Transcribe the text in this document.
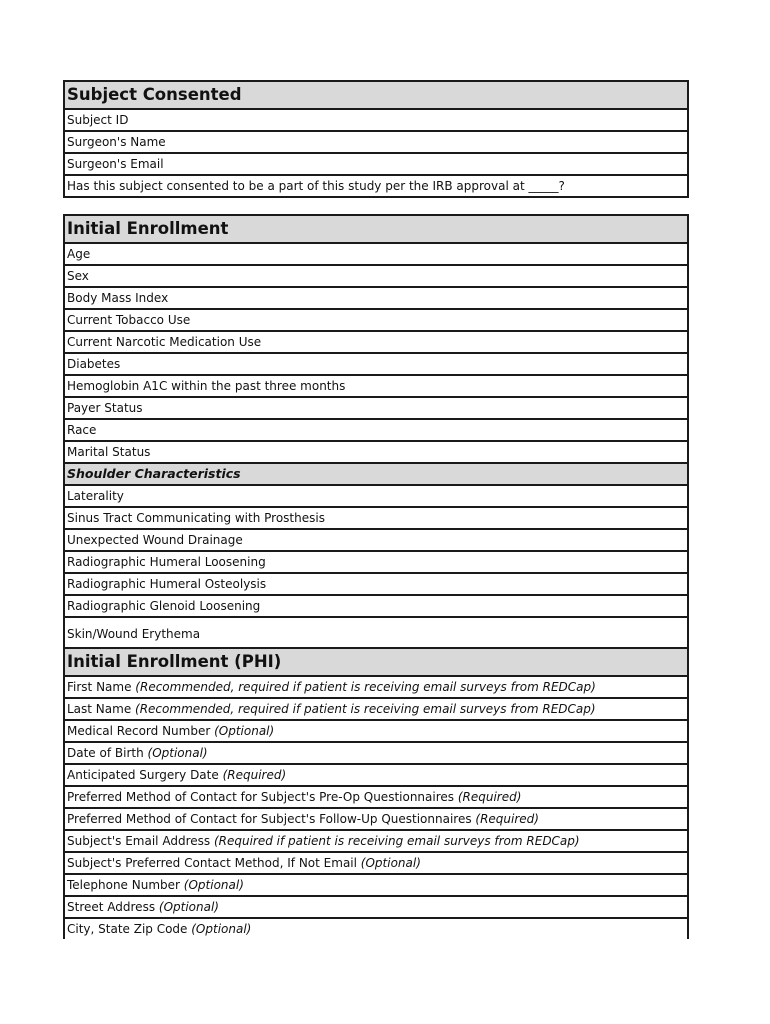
Subject Consented
Subject ID
Surgeon's Name
Surgeon's Email
Has this subject consented to be a part of this study per the IRB approval at _____?
Initial Enrollment
Age
Sex
Body Mass Index
Current Tobacco Use
Current Narcotic Medication Use
Diabetes
Hemoglobin A1C within the past three months
Payer Status
Race
Marital Status
Shoulder Characteristics
Laterality
Sinus Tract Communicating with Prosthesis
Unexpected Wound Drainage
Radiographic Humeral Loosening
Radiographic Humeral Osteolysis
Radiographic Glenoid Loosening
Skin/Wound Erythema
Initial Enrollment (PHI)
First Name (Recommended, required if patient is receiving email surveys from REDCap)
Last Name (Recommended, required if patient is receiving email surveys from REDCap)
Medical Record Number (Optional)
Date of Birth (Optional)
Anticipated Surgery Date (Required)
Preferred Method of Contact for Subject's Pre-Op Questionnaires (Required)
Preferred Method of Contact for Subject's Follow-Up Questionnaires (Required)
Subject's Email Address (Required if patient is receiving email surveys from REDCap)
Subject's Preferred Contact Method, If Not Email (Optional)
Telephone Number (Optional)
Street Address (Optional)
City, State Zip Code (Optional)
